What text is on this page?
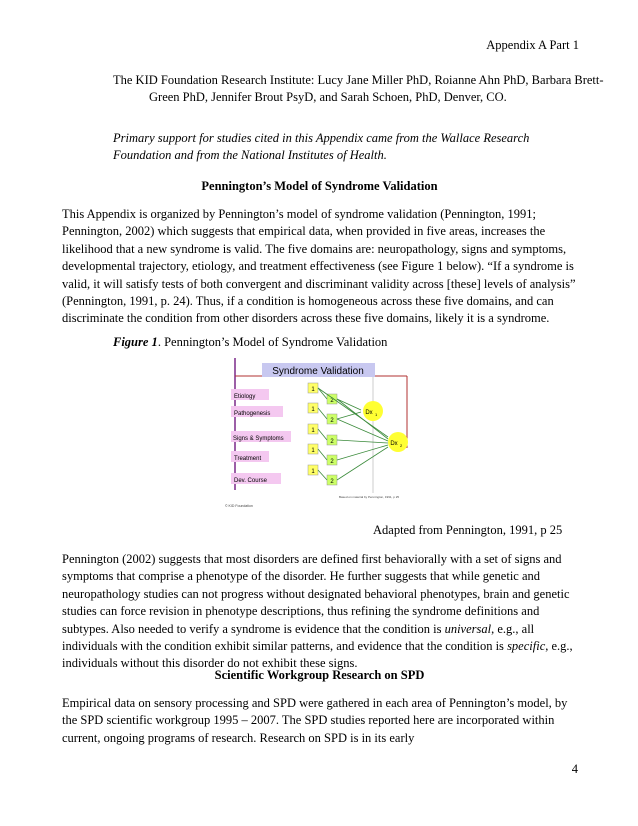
Appendix A Part 1

The KID Foundation Research Institute: Lucy Jane Miller PhD, Roianne Ahn PhD, Barbara Brett-Green PhD, Jennifer Brout PsyD, and Sarah Schoen, PhD, Denver, CO.

Primary support for studies cited in this Appendix came from the Wallace Research Foundation and from the National Institutes of Health.

Pennington’s Model of Syndrome Validation

This Appendix is organized by Pennington’s model of syndrome validation (Pennington, 1991; Pennington, 2002) which suggests that empirical data, when provided in five areas, increases the likelihood that a new syndrome is valid. The five domains are: neuropathology, signs and symptoms, developmental trajectory, etiology, and treatment effectiveness (see Figure 1 below). “If a syndrome is valid, it will satisfy tests of both convergent and discriminant validity across [these] levels of analysis” (Pennington, 1991, p. 24). Thus, if a condition is homogeneous across these five domains, and can discriminate the condition from other disorders across these five domains, likely it is a syndrome.

Figure 1. Pennington’s Model of Syndrome Validation
Syndrome Validation
Etiology
Pathogenesis
Signs & Symptoms
Treatment
Dev. Course
1
1
1
1
1
2
2
2
2
2
Dx 1
Dx 2
© KID Foundation
Based on material by Pennington, 1991, p 25
Adapted from Pennington, 1991, p 25

Pennington (2002) suggests that most disorders are defined first behaviorally with a set of signs and symptoms that comprise a phenotype of the disorder. He further suggests that while genetic and neuropathology studies can not progress without designated behavioral phenotypes, brain and genetic studies can force revision in phenotype descriptions, thus refining the syndrome definitions and subtypes. Also needed to verify a syndrome is evidence that the condition is universal, e.g., all individuals with the condition exhibit similar patterns, and evidence that the condition is specific, e.g., individuals without this disorder do not exhibit these signs.

Scientific Workgroup Research on SPD

Empirical data on sensory processing and SPD were gathered in each area of Pennington’s model, by the SPD scientific workgroup 1995 – 2007. The SPD studies reported here are incorporated within current, ongoing programs of research. Research on SPD is in its early

4
